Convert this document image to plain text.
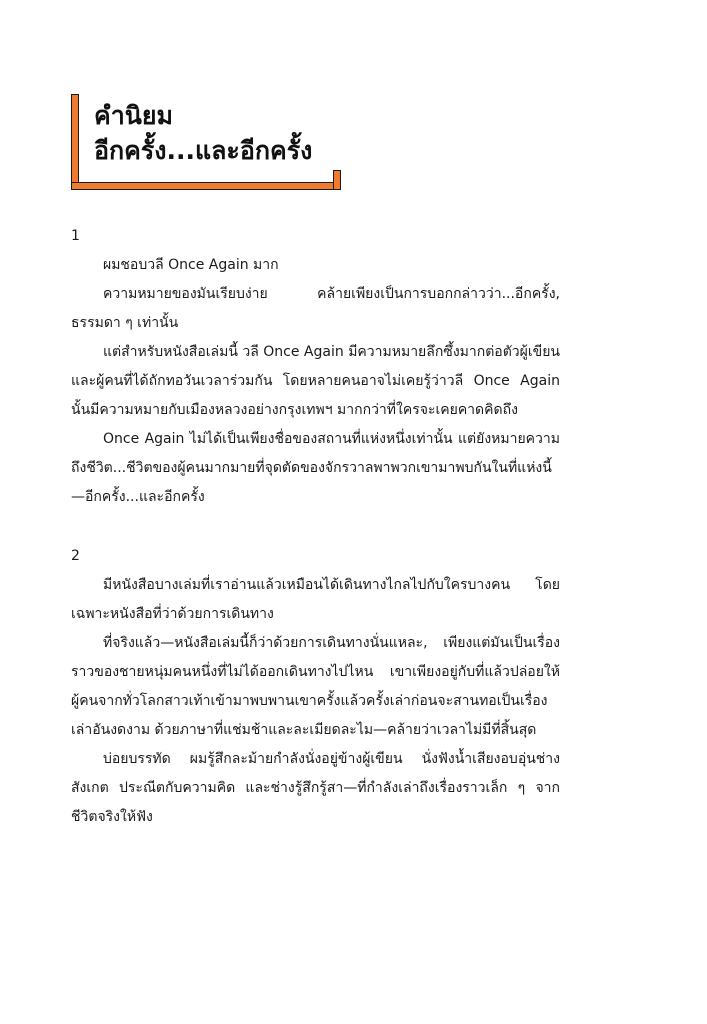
คำนิยม
อีกครั้ง...และอีกครั้ง

1

ผมชอบวลี Once Again มาก

ความหมายของมันเรียบง่าย คล้ายเพียงเป็นการบอกกล่าวว่า...อีกครั้ง, ธรรมดา ๆ เท่านั้น

แต่สำหรับหนังสือเล่มนี้ วลี Once Again มีความหมายลึกซึ้งมากต่อตัวผู้เขียนและผู้คนที่ได้ถักทอวันเวลาร่วมกัน โดยหลายคนอาจไม่เคยรู้ว่าวลี Once Again นั้นมีความหมายกับเมืองหลวงอย่างกรุงเทพฯ มากกว่าที่ใครจะเคยคาดคิดถึง

Once Again ไม่ได้เป็นเพียงชื่อของสถานที่แห่งหนึ่งเท่านั้น แต่ยังหมายความถึงชีวิต...ชีวิตของผู้คนมากมายที่จุดตัดของจักรวาลพาพวกเขามาพบกันในที่แห่งนี้—อีกครั้ง...และอีกครั้ง

2

มีหนังสือบางเล่มที่เราอ่านแล้วเหมือนได้เดินทางไกลไปกับใครบางคน โดยเฉพาะหนังสือที่ว่าด้วยการเดินทาง

ที่จริงแล้ว—หนังสือเล่มนี้ก็ว่าด้วยการเดินทางนั่นแหละ, เพียงแต่มันเป็นเรื่องราวของชายหนุ่มคนหนึ่งที่ไม่ได้ออกเดินทางไปไหน เขาเพียงอยู่กับที่แล้วปล่อยให้ผู้คนจากทั่วโลกสาวเท้าเข้ามาพบพานเขาครั้งแล้วครั้งเล่าก่อนจะสานทอเป็นเรื่องเล่าอันงดงาม ด้วยภาษาที่แช่มช้าและละเมียดละไม—คล้ายว่าเวลาไม่มีที่สิ้นสุด

บ่อยบรรทัด ผมรู้สึกละม้ายกำลังนั่งอยู่ข้างผู้เขียน นั่งฟังน้ำเสียงอบอุ่นช่างสังเกต ประณีตกับความคิด และช่างรู้สึกรู้สา—ที่กำลังเล่าถึงเรื่องราวเล็ก ๆ จากชีวิตจริงให้ฟัง
